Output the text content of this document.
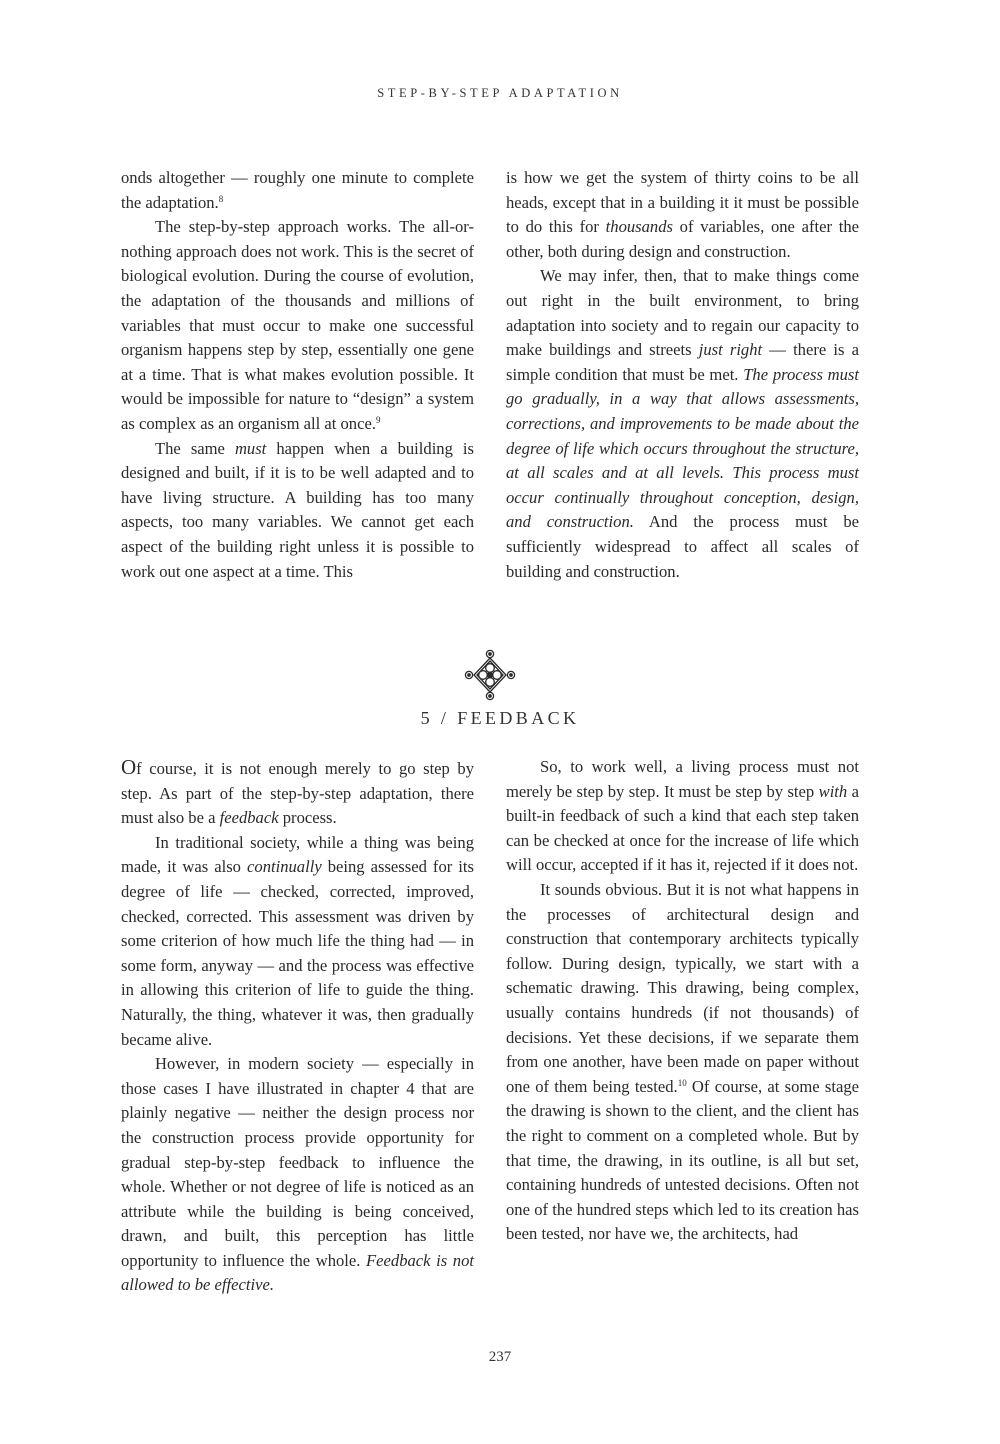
STEP-BY-STEP ADAPTATION

onds altogether — roughly one minute to complete the adaptation.$^8$

The step-by-step approach works. The all-or-nothing approach does not work. This is the secret of biological evolution. During the course of evolution, the adaptation of the thousands and millions of variables that must occur to make one successful organism happens step by step, essentially one gene at a time. That is what makes evolution possible. It would be impossible for nature to “design” a system as complex as an organism all at once.$^9$

The same must happen when a building is designed and built, if it is to be well adapted and to have living structure. A building has too many aspects, too many variables. We cannot get each aspect of the building right unless it is possible to work out one aspect at a time. This

is how we get the system of thirty coins to be all heads, except that in a building it it must be possible to do this for thousands of variables, one after the other, both during design and construction.

We may infer, then, that to make things come out right in the built environment, to bring adaptation into society and to regain our capacity to make buildings and streets just right — there is a simple condition that must be met. The process must go gradually, in a way that allows assessments, corrections, and improvements to be made about the degree of life which occurs throughout the structure, at all scales and at all levels. This process must occur continually throughout conception, design, and construction. And the process must be sufficiently widespread to affect all scales of building and construction.

5 / FEEDBACK

Of course, it is not enough merely to go step by step. As part of the step-by-step adaptation, there must also be a feedback process.

In traditional society, while a thing was being made, it was also continually being assessed for its degree of life — checked, corrected, improved, checked, corrected. This assessment was driven by some criterion of how much life the thing had — in some form, anyway — and the process was effective in allowing this criterion of life to guide the thing. Naturally, the thing, whatever it was, then gradually became alive.

However, in modern society — especially in those cases I have illustrated in chapter 4 that are plainly negative — neither the design process nor the construction process provide opportunity for gradual step-by-step feedback to influence the whole. Whether or not degree of life is noticed as an attribute while the building is being conceived, drawn, and built, this perception has little opportunity to influence the whole. Feedback is not allowed to be effective.

So, to work well, a living process must not merely be step by step. It must be step by step with a built-in feedback of such a kind that each step taken can be checked at once for the increase of life which will occur, accepted if it has it, rejected if it does not.

It sounds obvious. But it is not what happens in the processes of architectural design and construction that contemporary architects typically follow. During design, typically, we start with a schematic drawing. This drawing, being complex, usually contains hundreds (if not thousands) of decisions. Yet these decisions, if we separate them from one another, have been made on paper without one of them being tested.$^{10}$ Of course, at some stage the drawing is shown to the client, and the client has the right to comment on a completed whole. But by that time, the drawing, in its outline, is all but set, containing hundreds of untested decisions. Often not one of the hundred steps which led to its creation has been tested, nor have we, the architects, had

237
